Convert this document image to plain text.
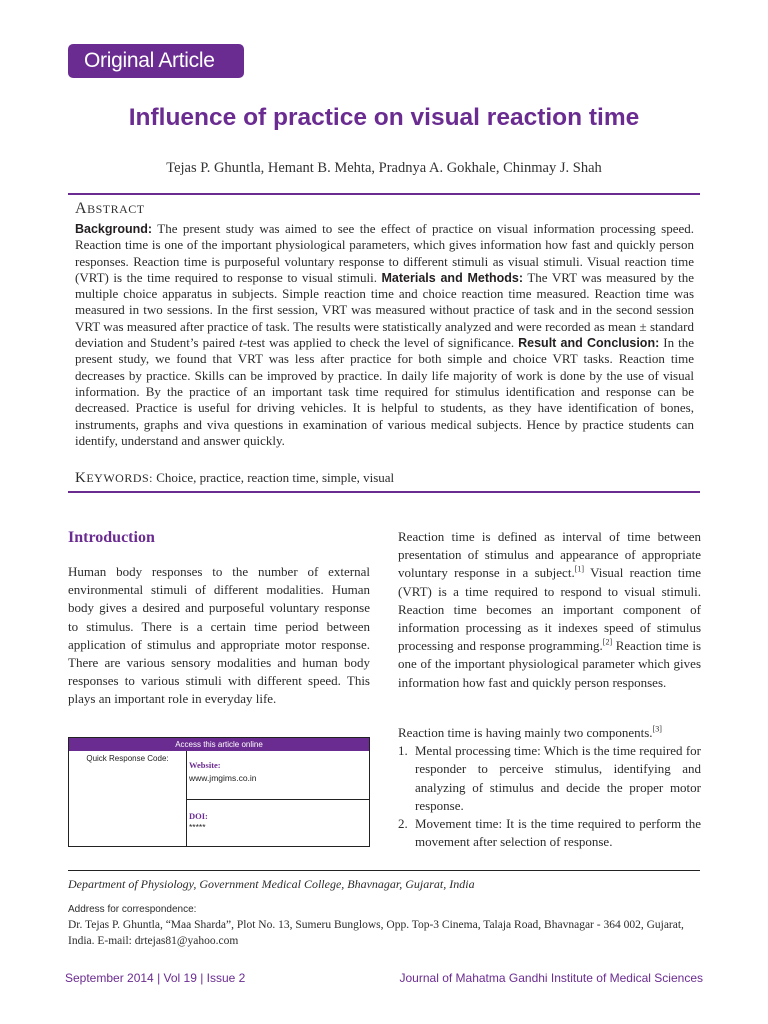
Original Article
Influence of practice on visual reaction time
Tejas P. Ghuntla, Hemant B. Mehta, Pradnya A. Gokhale, Chinmay J. Shah
ABSTRACT

Background: The present study was aimed to see the effect of practice on visual information processing speed. Reaction time is one of the important physiological parameters, which gives information how fast and quickly person responses. Reaction time is purposeful voluntary response to different stimuli as visual stimuli. Visual reaction time (VRT) is the time required to response to visual stimuli. Materials and Methods: The VRT was measured by the multiple choice apparatus in subjects. Simple reaction time and choice reaction time measured. Reaction time was measured in two sessions. In the first session, VRT was measured without practice of task and in the second session VRT was measured after practice of task. The results were statistically analyzed and were recorded as mean ± standard deviation and Student’s paired t-test was applied to check the level of significance. Result and Conclusion: In the present study, we found that VRT was less after practice for both simple and choice VRT tasks. Reaction time decreases by practice. Skills can be improved by practice. In daily life majority of work is done by the use of visual information. By the practice of an important task time required for stimulus identification and response can be decreased. Practice is useful for driving vehicles. It is helpful to students, as they have identification of bones, instruments, graphs and viva questions in examination of various medical subjects. Hence by practice students can identify, understand and answer quickly.

KEYWORDS: Choice, practice, reaction time, simple, visual
Introduction

Human body responses to the number of external environmental stimuli of different modalities. Human body gives a desired and purposeful voluntary response to stimulus. There is a certain time period between application of stimulus and appropriate motor response. There are various sensory modalities and human body responses to various stimuli with different speed. This plays an important role in everyday life.

Access this article online
Quick Response Code:
Website:
www.jmgims.co.in
DOI:
*****

Reaction time is defined as interval of time between presentation of stimulus and appearance of appropriate voluntary response in a subject.[1] Visual reaction time (VRT) is a time required to respond to visual stimuli. Reaction time becomes an important component of information processing as it indexes speed of stimulus processing and response programming.[2] Reaction time is one of the important physiological parameter which gives information how fast and quickly person responses.

Reaction time is having mainly two components.[3]

1. Mental processing time: Which is the time required for responder to perceive stimulus, identifying and analyzing of stimulus and decide the proper motor response.
2. Movement time: It is the time required to perform the movement after selection of response.
Department of Physiology, Government Medical College, Bhavnagar, Gujarat, India
Address for correspondence:
Dr. Tejas P. Ghuntla, “Maa Sharda”, Plot No. 13, Sumeru Bunglows, Opp. Top-3 Cinema, Talaja Road, Bhavnagar - 364 002, Gujarat, India. E-mail: drtejas81@yahoo.com
September 2014 | Vol 19 | Issue 2	Journal of Mahatma Gandhi Institute of Medical Sciences
